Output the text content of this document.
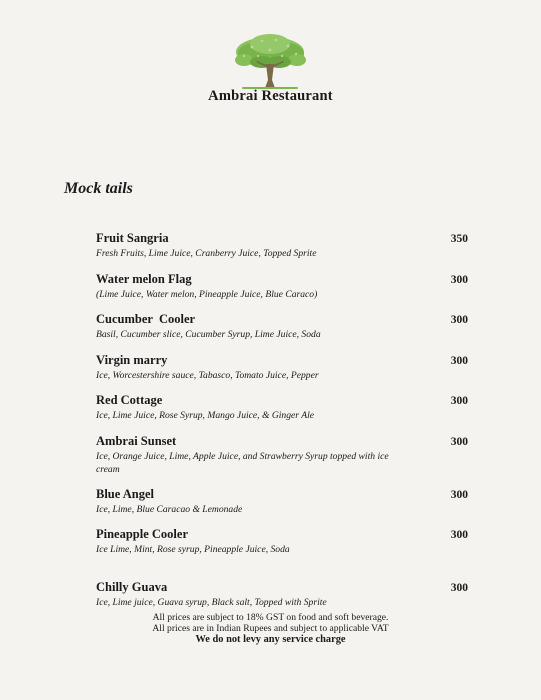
Ambrai Restaurant
Mock tails
Fruit Sangria
Fresh Fruits, Lime Juice, Cranberry Juice, Topped Sprite
350
Water melon Flag
(Lime Juice, Water melon, Pineapple Juice, Blue Caraco)
300
Cucumber  Cooler
Basil, Cucumber slice, Cucumber Syrup, Lime Juice, Soda
300
Virgin marry
Ice, Worcestershire sauce, Tabasco, Tomato Juice, Pepper
300
Red Cottage
Ice, Lime Juice, Rose Syrup, Mango Juice, & Ginger Ale
300
Ambrai Sunset
Ice, Orange Juice, Lime, Apple Juice, and Strawberry Syrup topped with ice cream
300
Blue Angel
Ice, Lime, Blue Caracao & Lemonade
300
Pineapple Cooler
Ice Lime, Mint, Rose syrup, Pineapple Juice, Soda
300
Chilly Guava
Ice, Lime juice, Guava syrup, Black salt, Topped with Sprite
300
All prices are subject to 18% GST on food and soft beverage.
All prices are in Indian Rupees and subject to applicable VAT
We do not levy any service charge
